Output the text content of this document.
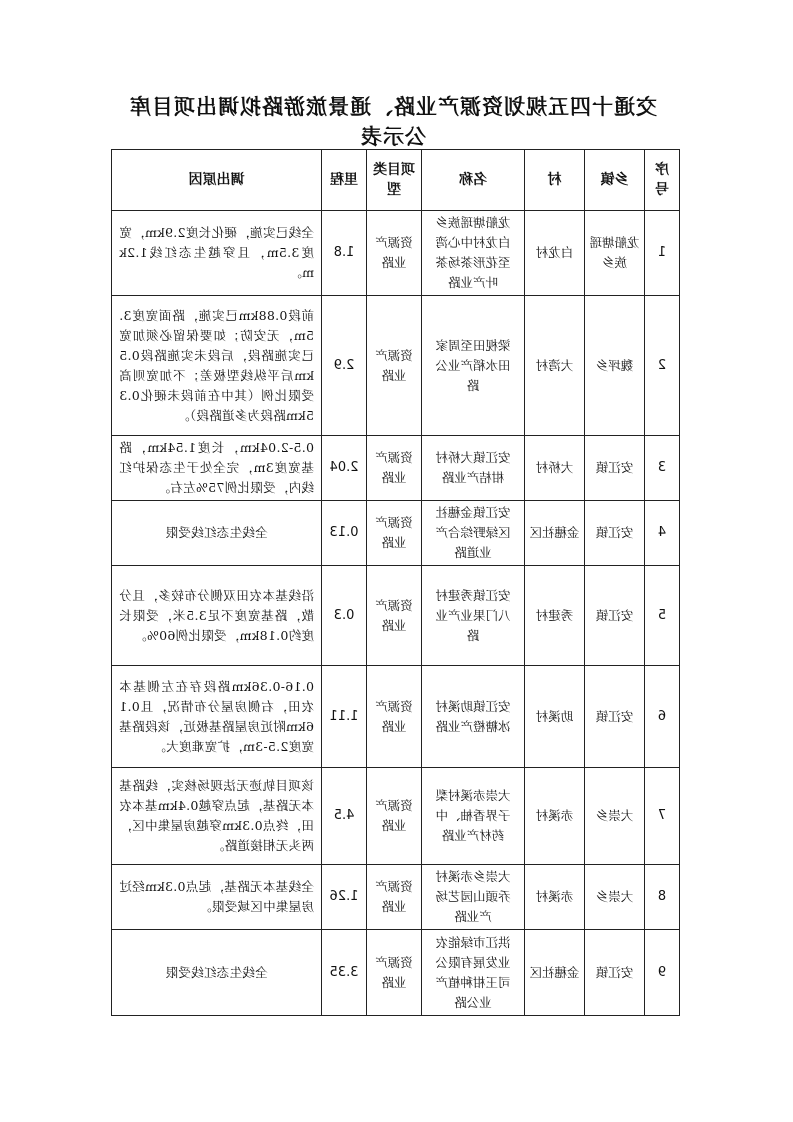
交通十四五规划资源产业路、通景旅游路拟调出项目库
公示表
序号	乡镇	村	名称	项目类型	里程	调出原因
1	龙船塘瑶族乡	白龙村	龙船塘瑶族乡白龙村中心湾至花形茶场茶叶产业路	资源产业路	1.8	全线已实施，硬化长度2.9km，宽度3.5m，且穿越生态红线1.2km。
2	魏坪乡	大湾村	梁枧田至周家田水稻产业公路	资源产业路	2.9	前段0.88km已实施，路面宽度3.5m，无安防；如要保留必须加宽已实施路段，后段未实施路段0.5km后平纵线型极差；不加宽则高受限比例（其中在前段未硬化0.35km路段为多道路段）。
3	安江镇	大桥村	安江镇大桥村柑桔产业路	资源产业路	2.04	0.5-2.04km，长度1.54km，路基宽度3m，完全处于生态保护红线内，受限比例75%左右。
4	安江镇	金穗社区	安江镇金穗社区绿野综合产业道路	资源产业路	0.13	全线生态红线受限
5	安江镇	秀建村	安江镇秀建村八门果业产业路	资源产业路	0.3	沿线基本农田双侧分布较多，且分散，路基宽度不足3.5米，受限长度约0.18km，受限比例60%。
6	安江镇	助溪村	安江镇助溪村冰糖橙产业路	资源产业路	1.11	0.16-0.36km路段存在左侧基本农田，右侧房屋分布情况，且0.16km附近房屋路基极近，该段路基宽度2.5-3m，扩宽难度大。
7	大崇乡	赤溪村	大崇赤溪村梨子界香柚、中药材产业路	资源产业路	4.5	该项目轨迹无法现场核实，线路基本无路基，起点穿越0.4km基本农田，终点0.3km穿越房屋集中区，两头无相接道路。
8	大崇乡	赤溪村	大崇乡赤溪村乔頭山园艺场产业路	资源产业路	1.26	全线基本无路基，起点0.3km经过房屋集中区域受限。
9	安江镇	金穗社区	洪江市绿能农业发展有限公司王柑种植产业公路	资源产业路	3.35	全线生态红线受限
